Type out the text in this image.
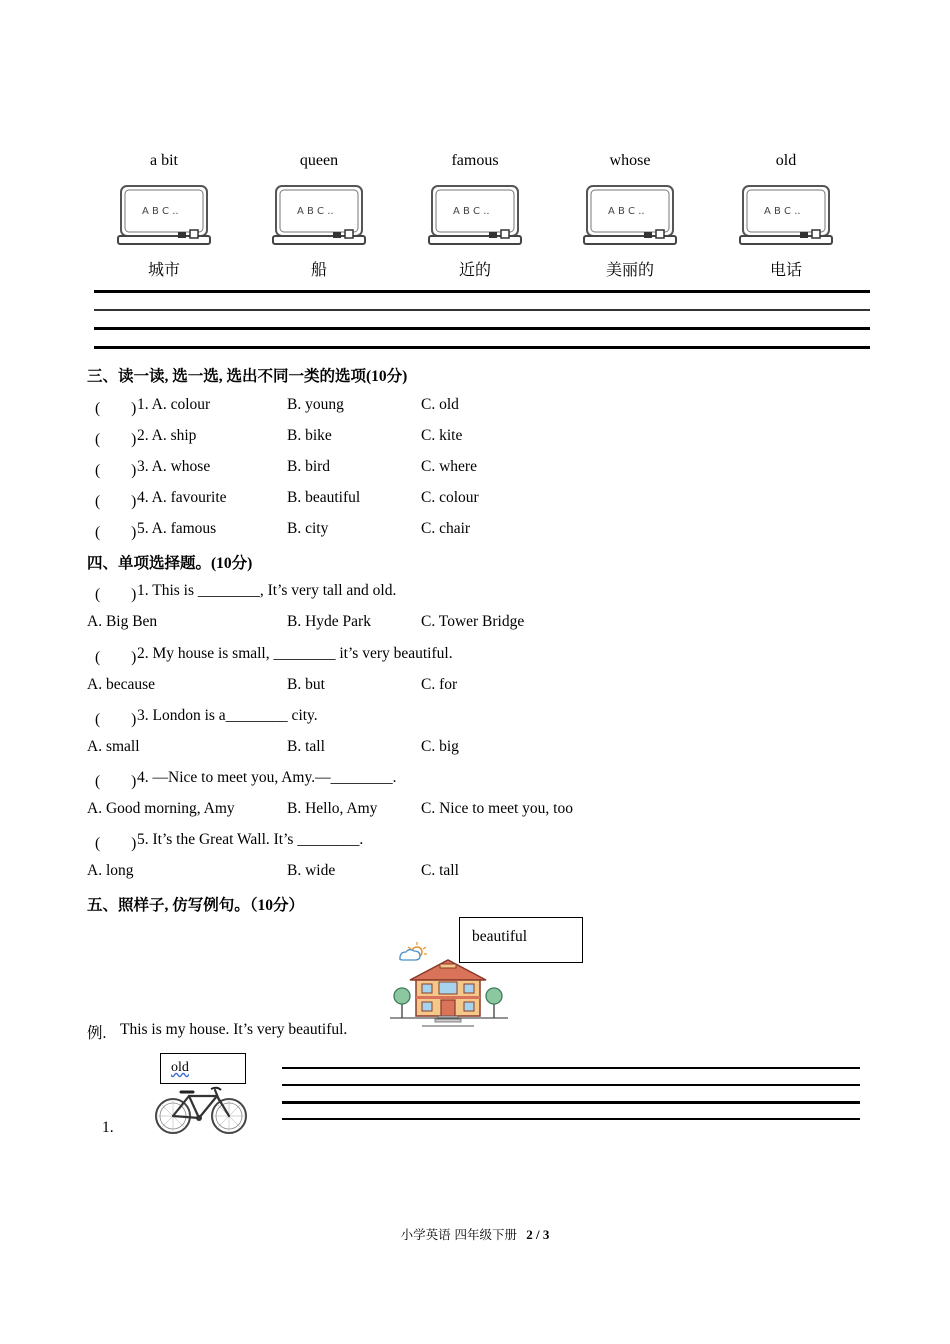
a bit	queen	famous	whose	old
A B C ..	A B C ..	A B C ..	A B C ..	A B C ..
城市	船	近的	美丽的	电话
三、读一读, 选一选, 选出不同一类的选项(10分)
(　　) 1. A. colour	B. young	C. old
(　　) 2. A. ship	B. bike	C. kite
(　　) 3. A. whose	B. bird	C. where
(　　) 4. A. favourite	B. beautiful	C. colour
(　　) 5. A. famous	B. city	C. chair
四、单项选择题。(10分)
(　　) 1. This is ________, It’s very tall and old.
A. Big Ben	B. Hyde Park	C. Tower Bridge
(　　) 2. My house is small, ________ it’s very beautiful.
A. because	B. but	C. for
(　　) 3. London is a________ city.
A. small	B. tall	C. big
(　　) 4. —Nice to meet you, Amy.—________.
A. Good morning, Amy	B. Hello, Amy	C. Nice to meet you, too
(　　) 5. It’s the Great Wall. It’s ________.
A. long	B. wide	C. tall
五、照样子, 仿写例句。（10分）
beautiful
例. This is my house. It’s very beautiful.
1.
old
小学英语 四年级下册 2 / 3
